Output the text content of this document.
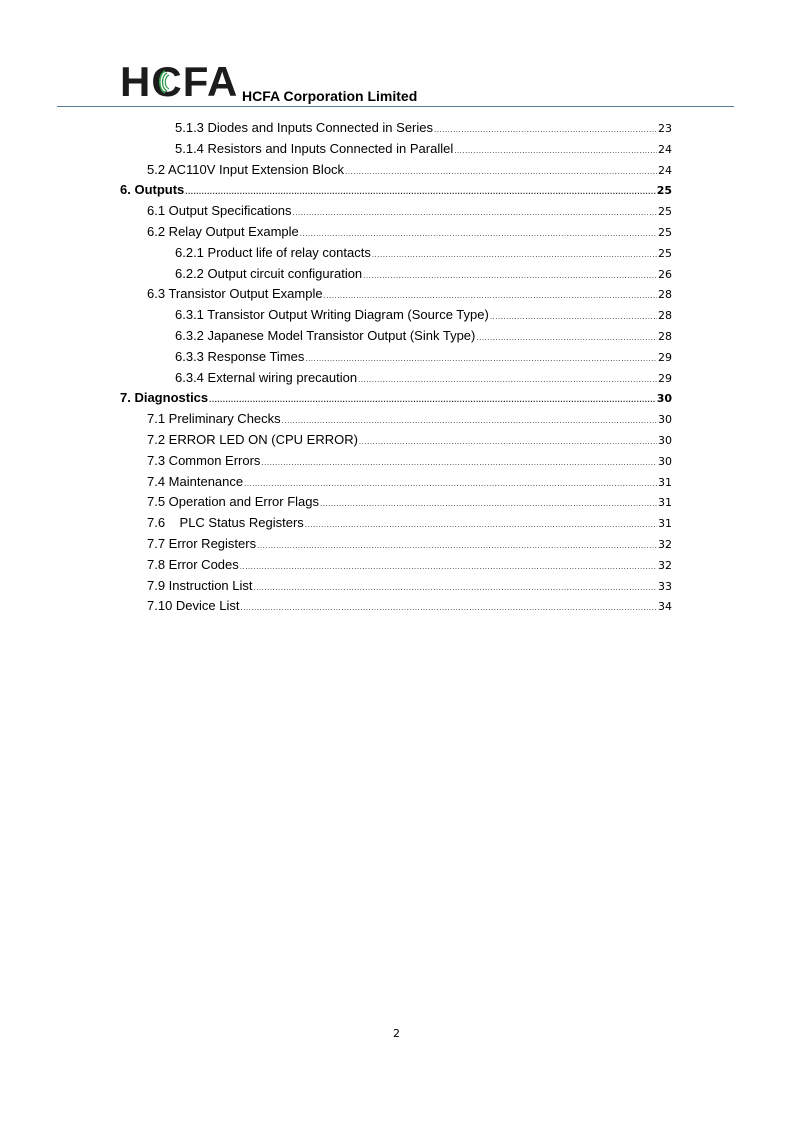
HC
FA HCFA Corporation Limited
5.1.3 Diodes and Inputs Connected in Series .....	23
5.1.4 Resistors and Inputs Connected in Parallel .....	24
5.2 AC110V Input Extension Block .....	24
6. Outputs .....	25
6.1 Output Specifications .....	25
6.2 Relay Output Example .....	25
6.2.1 Product life of relay contacts .....	25
6.2.2 Output circuit configuration .....	26
6.3 Transistor Output Example .....	28
6.3.1 Transistor Output Writing Diagram (Source Type) .....	28
6.3.2 Japanese Model Transistor Output (Sink Type) .....	28
6.3.3 Response Times .....	29
6.3.4 External wiring precaution .....	29
7. Diagnostics .....	30
7.1 Preliminary Checks .....	30
7.2 ERROR LED ON (CPU ERROR) .....	30
7.3 Common Errors .....	30
7.4 Maintenance .....	31
7.5 Operation and Error Flags .....	31
7.6    PLC Status Registers .....	31
7.7 Error Registers .....	32
7.8 Error Codes .....	32
7.9 Instruction List .....	33
7.10 Device List .....	34
2
